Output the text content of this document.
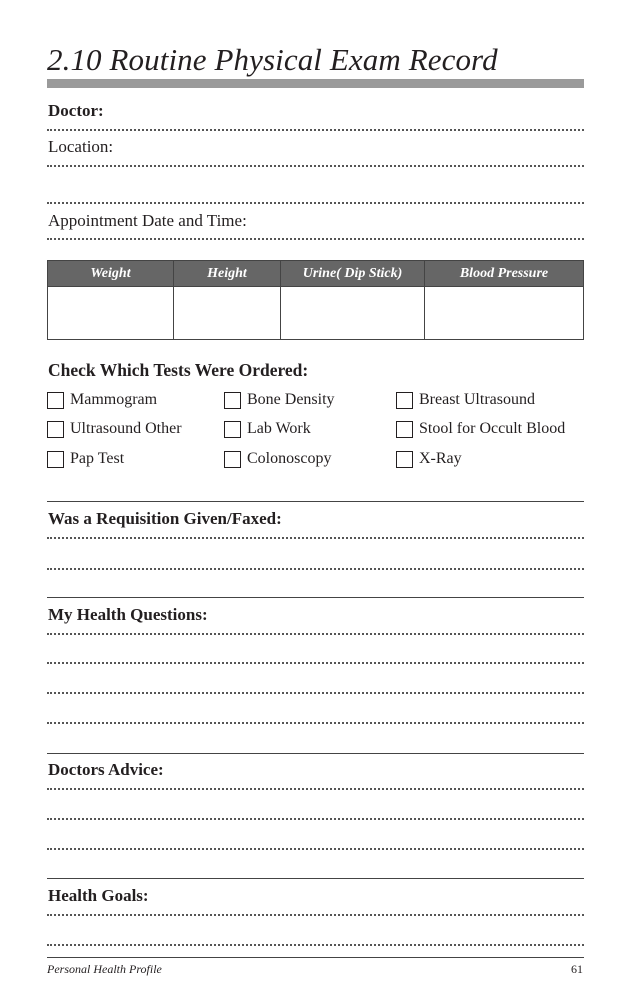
2.10 Routine Physical Exam Record
Doctor:
Location:
Appointment Date and Time:
Weight	Height	Urine( Dip Stick)	Blood Pressure

Check Which Tests Were Ordered:
Mammogram	Bone Density	Breast Ultrasound
Ultrasound Other	Lab Work	Stool for Occult Blood
Pap Test	Colonoscopy	X-Ray
Was a Requisition Given/Faxed:
My Health Questions:
Doctors Advice:
Health Goals:
Personal Health Profile	61
